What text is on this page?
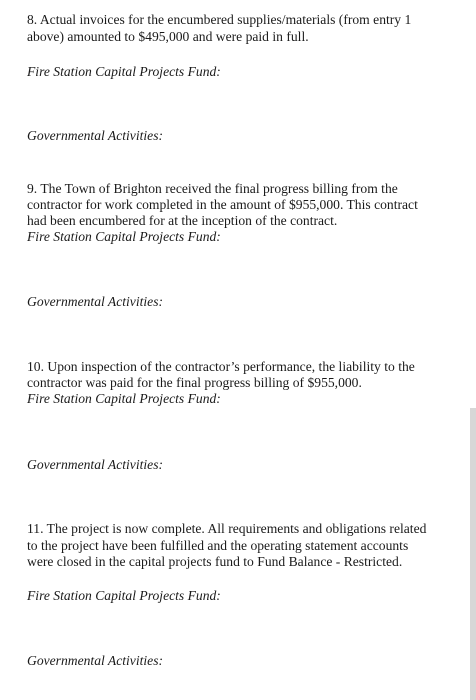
8. Actual invoices for the encumbered supplies/materials (from entry 1

above) amounted to $495,000 and were paid in full.

Fire Station Capital Projects Fund:

Governmental Activities:

9. The Town of Brighton received the final progress billing from the

contractor for work completed in the amount of $955,000. This contract

had been encumbered for at the inception of the contract.

Fire Station Capital Projects Fund:

Governmental Activities:

10. Upon inspection of the contractor’s performance, the liability to the

contractor was paid for the final progress billing of $955,000.

Fire Station Capital Projects Fund:

Governmental Activities:

11. The project is now complete. All requirements and obligations related

to the project have been fulfilled and the operating statement accounts

were closed in the capital projects fund to Fund Balance - Restricted.

Fire Station Capital Projects Fund:

Governmental Activities:
